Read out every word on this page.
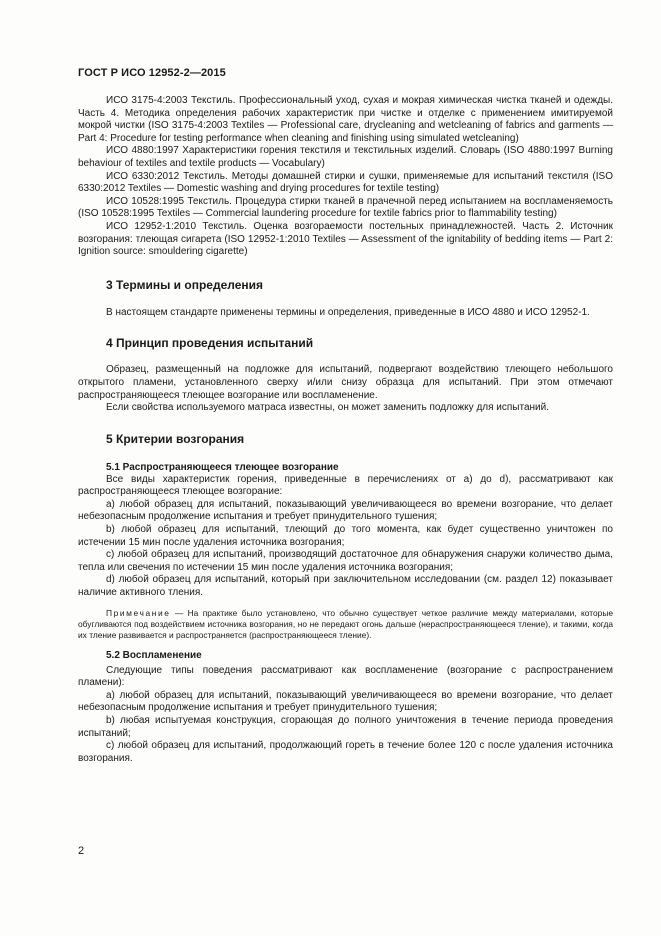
ГОСТ Р ИСО 12952-2—2015

ИСО 3175-4:2003 Текстиль. Профессиональный уход, сухая и мокрая химическая чистка тканей и одежды. Часть 4. Методика определения рабочих характеристик при чистке и отделке с применением имитируемой мокрой чистки (ISO 3175-4:2003 Textiles — Professional care, drycleaning and wetcleaning of fabrics and garments — Part 4: Procedure for testing performance when cleaning and finishing using simulated wetcleaning)

ИСО 4880:1997 Характеристики горения текстиля и текстильных изделий. Словарь (ISO 4880:1997 Burning behaviour of textiles and textile products — Vocabulary)

ИСО 6330:2012 Текстиль. Методы домашней стирки и сушки, применяемые для испытаний текстиля (ISO 6330:2012 Textiles — Domestic washing and drying procedures for textile testing)

ИСО 10528:1995 Текстиль. Процедура стирки тканей в прачечной перед испытанием на воспламеняемость (ISO 10528:1995 Textiles — Commercial laundering procedure for textile fabrics prior to flammability testing)

ИСО 12952-1:2010 Текстиль. Оценка возгораемости постельных принадлежностей. Часть 2. Источник возгорания: тлеющая сигарета (ISO 12952-1:2010 Textiles — Assessment of the ignitability of bedding items — Part 2: Ignition source: smouldering cigarette)

3 Термины и определения

В настоящем стандарте применены термины и определения, приведенные в ИСО 4880 и ИСО 12952-1.

4 Принцип проведения испытаний

Образец, размещенный на подложке для испытаний, подвергают воздействию тлеющего небольшого открытого пламени, установленного сверху и/или снизу образца для испытаний. При этом отмечают распространяющееся тлеющее возгорание или воспламенение.

Если свойства используемого матраса известны, он может заменить подложку для испытаний.

5 Критерии возгорания
5.1 Распространяющееся тлеющее возгорание

Все виды характеристик горения, приведенные в перечислениях от a) до d), рассматривают как распространяющееся тлеющее возгорание:

a) любой образец для испытаний, показывающий увеличивающееся во времени возгорание, что делает небезопасным продолжение испытания и требует принудительного тушения;

b) любой образец для испытаний, тлеющий до того момента, как будет существенно уничтожен по истечении 15 мин после удаления источника возгорания;

c) любой образец для испытаний, производящий достаточное для обнаружения снаружи количество дыма, тепла или свечения по истечении 15 мин после удаления источника возгорания;

d) любой образец для испытаний, который при заключительном исследовании (см. раздел 12) показывает наличие активного тления.

Примечание — На практике было установлено, что обычно существует четкое различие между материалами, которые обугливаются под воздействием источника возгорания, но не передают огонь дальше (нераспространяющееся тление), и такими, когда их тление развивается и распространяется (распространяющееся тление).

5.2 Воспламенение

Следующие типы поведения рассматривают как воспламенение (возгорание с распространением пламени):

a) любой образец для испытаний, показывающий увеличивающееся во времени возгорание, что делает небезопасным продолжение испытания и требует принудительного тушения;

b) любая испытуемая конструкция, сгорающая до полного уничтожения в течение периода проведения испытаний;

c) любой образец для испытаний, продолжающий гореть в течение более 120 с после удаления источника возгорания.

2
